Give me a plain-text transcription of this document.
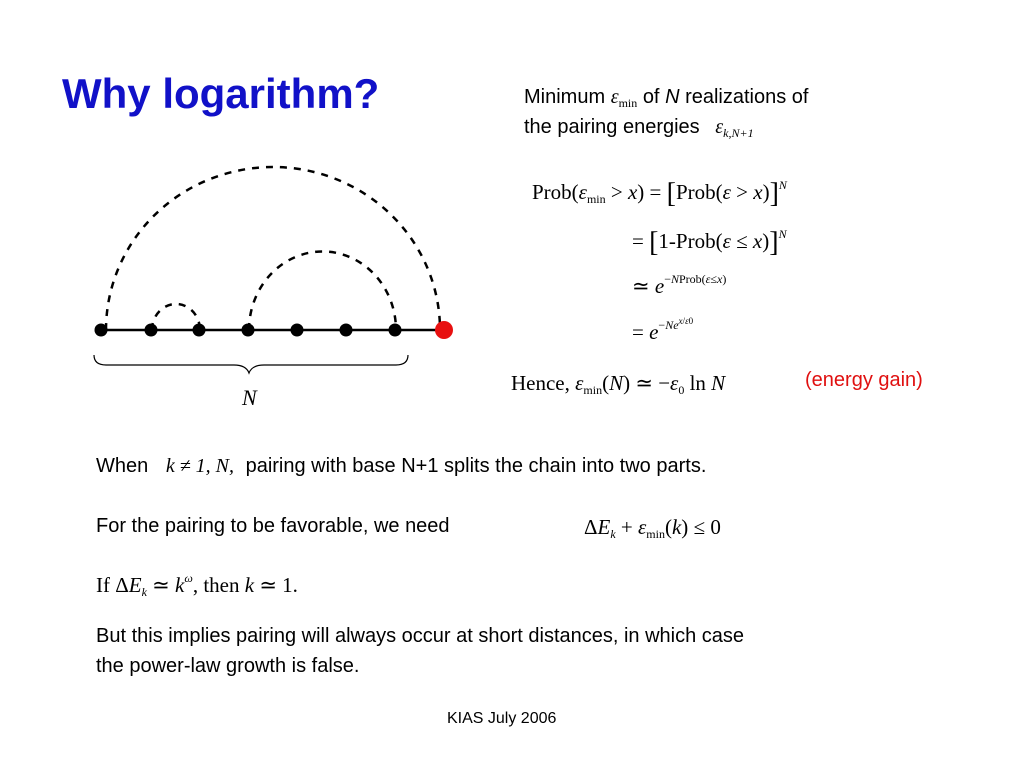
Why logarithm?	Minimum $\varepsilon_{min}$ of N realizations of
the pairing energies $\varepsilon_{k,N+1}$
$Prob(\varepsilon_{min} > x)$ = [Prob(ε > x)]$^N$
= [1-Prob(ε ≤ x)]$^N$
≃ $e^{-NProb(\varepsilon\le x)}$
= $e^{-Ne^{x/\varepsilon 0}}$
Hence, $\varepsilon_{min}(N)$ ≃ $-\varepsilon_0$ ln N	(energy gain)
N
When k ≠ 1, N, pairing with base N+1 splits the chain into two parts.
For the pairing to be favorable, we need	$\Delta E_k + \varepsilon_{min}(k) \le 0$
If $\Delta E_k$ ≃ $k^\omega$, then k ≃ 1.
But this implies pairing will always occur at short distances, in which case
the power-law growth is false.
KIAS July 2006
